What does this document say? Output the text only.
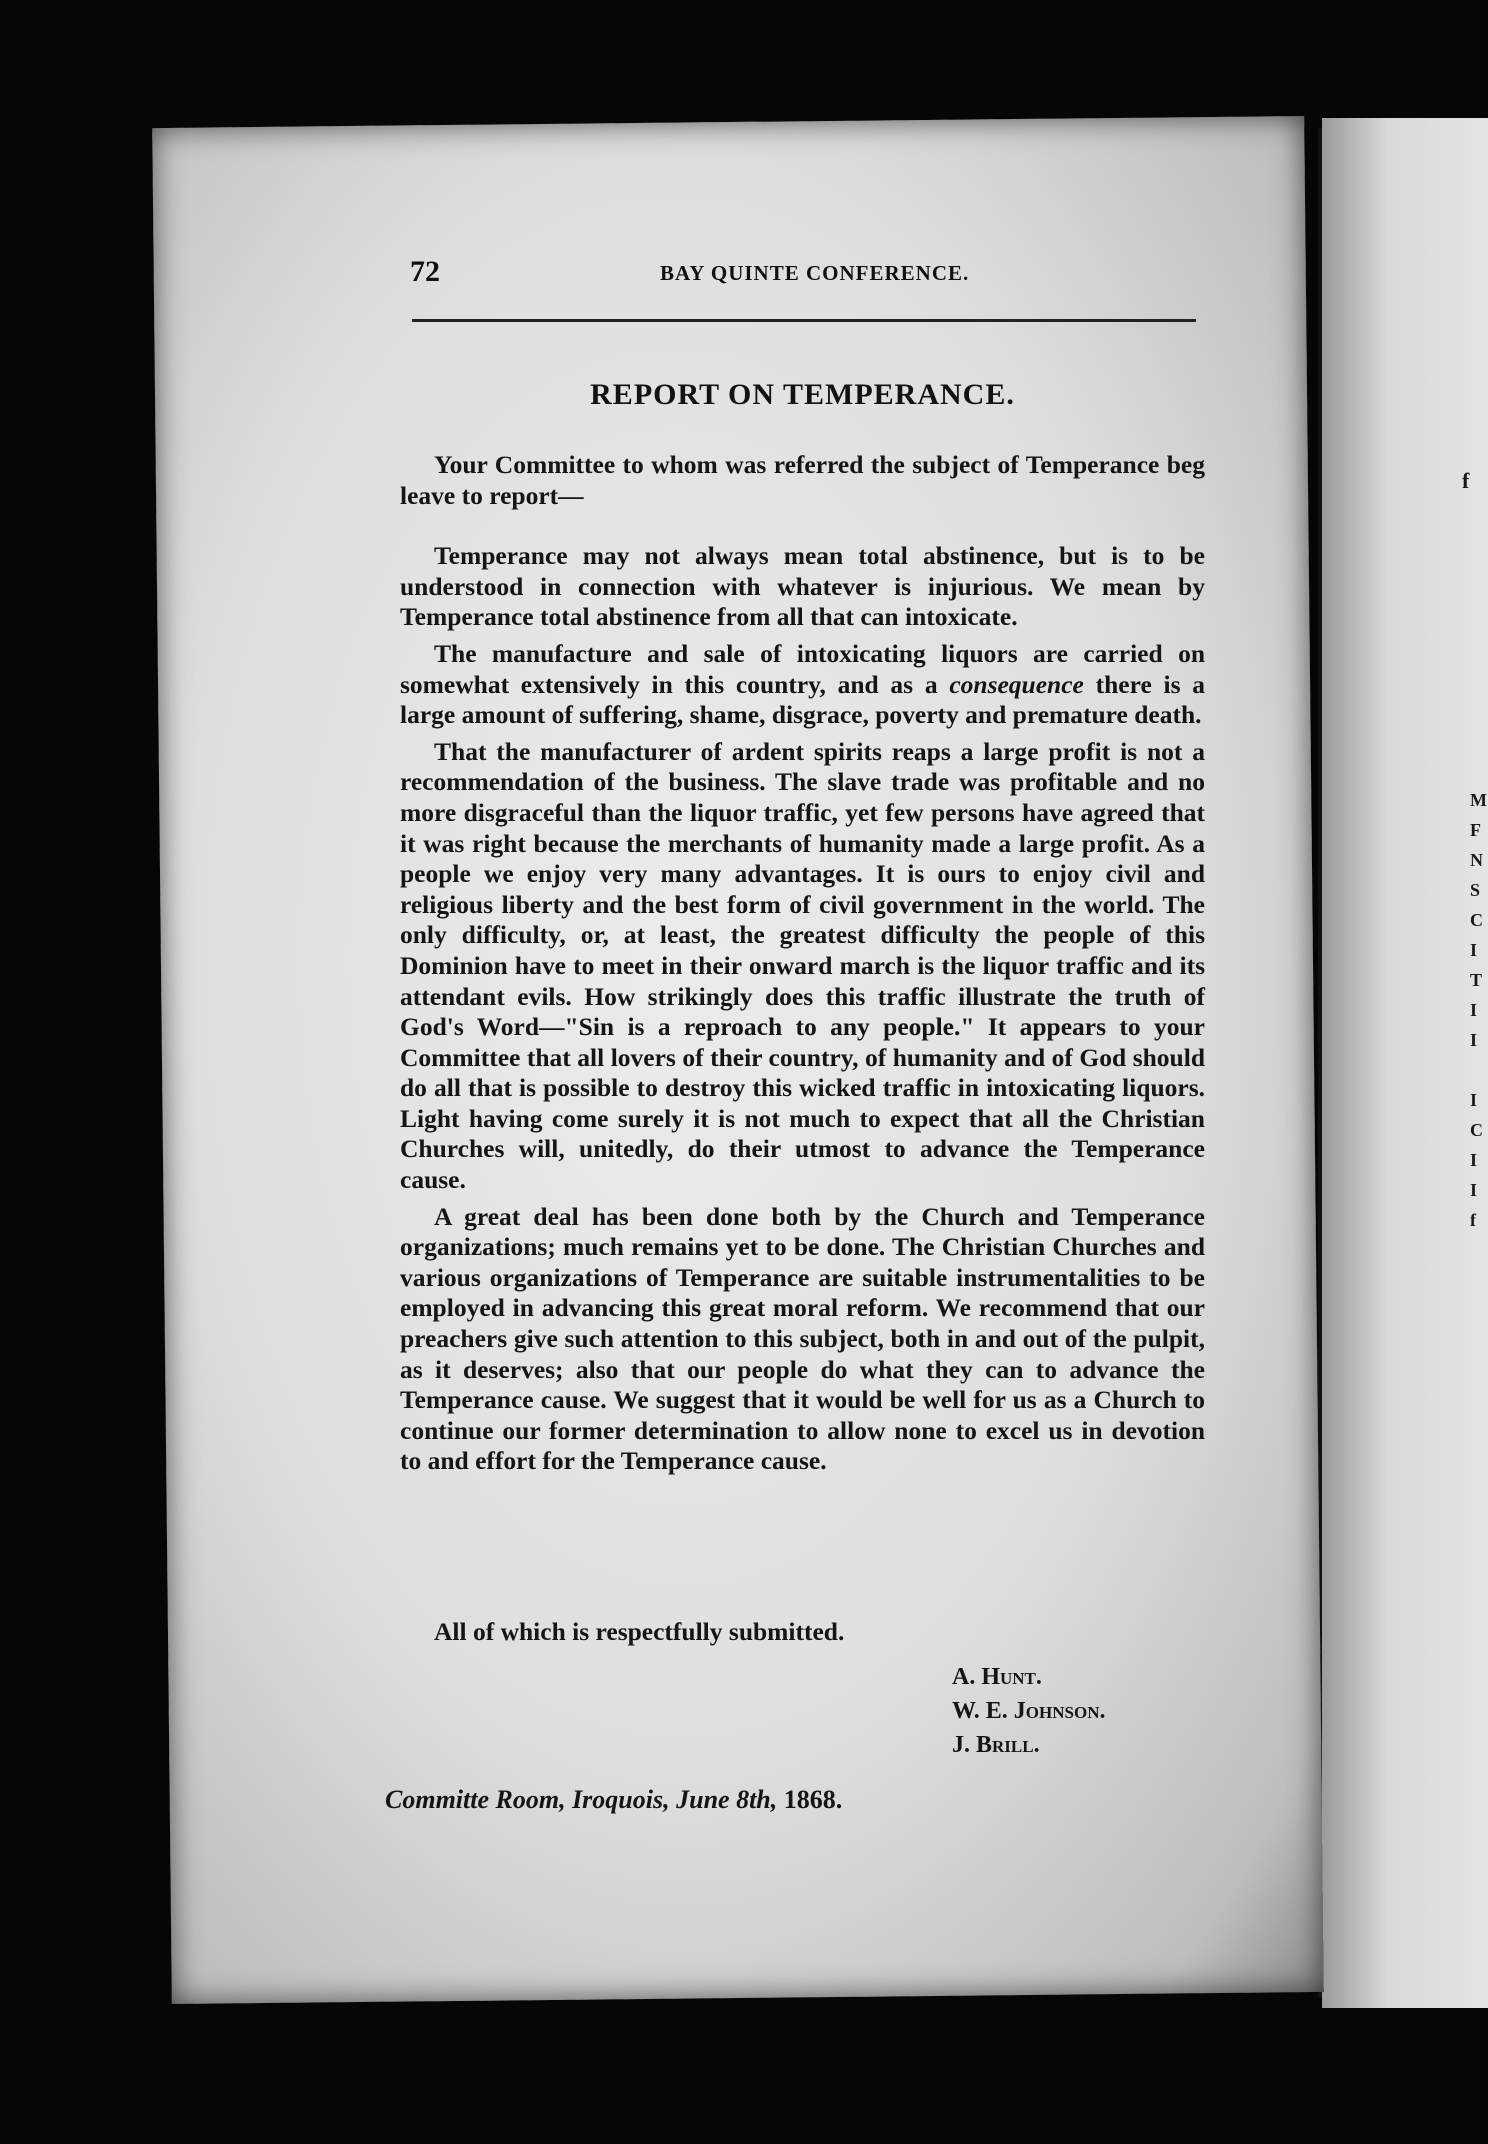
f
M
F
N
S
C
I
T
I
I
I
C
I
I
f
72	BAY QUINTE CONFERENCE.
REPORT ON TEMPERANCE.

Your Committee to whom was referred the subject of Temperance beg leave to report—

Temperance may not always mean total abstinence, but is to be understood in connection with whatever is injurious. We mean by Temperance total abstinence from all that can intoxicate.

The manufacture and sale of intoxicating liquors are carried on somewhat extensively in this country, and as a consequence there is a large amount of suffering, shame, disgrace, poverty and premature death.

That the manufacturer of ardent spirits reaps a large profit is not a recommendation of the business. The slave trade was profitable and no more disgraceful than the liquor traffic, yet few persons have agreed that it was right because the merchants of humanity made a large profit. As a people we enjoy very many advantages. It is ours to enjoy civil and religious liberty and the best form of civil government in the world. The only difficulty, or, at least, the greatest difficulty the people of this Dominion have to meet in their onward march is the liquor traffic and its attendant evils. How strikingly does this traffic illustrate the truth of God's Word—"Sin is a reproach to any people." It appears to your Committee that all lovers of their country, of humanity and of God should do all that is possible to destroy this wicked traffic in intoxicating liquors. Light having come surely it is not much to expect that all the Christian Churches will, unitedly, do their utmost to advance the Temperance cause.

A great deal has been done both by the Church and Temperance organizations; much remains yet to be done. The Christian Churches and various organizations of Temperance are suitable instrumentalities to be employed in advancing this great moral reform. We recommend that our preachers give such attention to this subject, both in and out of the pulpit, as it deserves; also that our people do what they can to advance the Temperance cause. We suggest that it would be well for us as a Church to continue our former determination to allow none to excel us in devotion to and effort for the Temperance cause.

All of which is respectfully submitted.
A. Hunt.
W. E. Johnson.
J. Brill.
Committe Room, Iroquois, June 8th, 1868.
